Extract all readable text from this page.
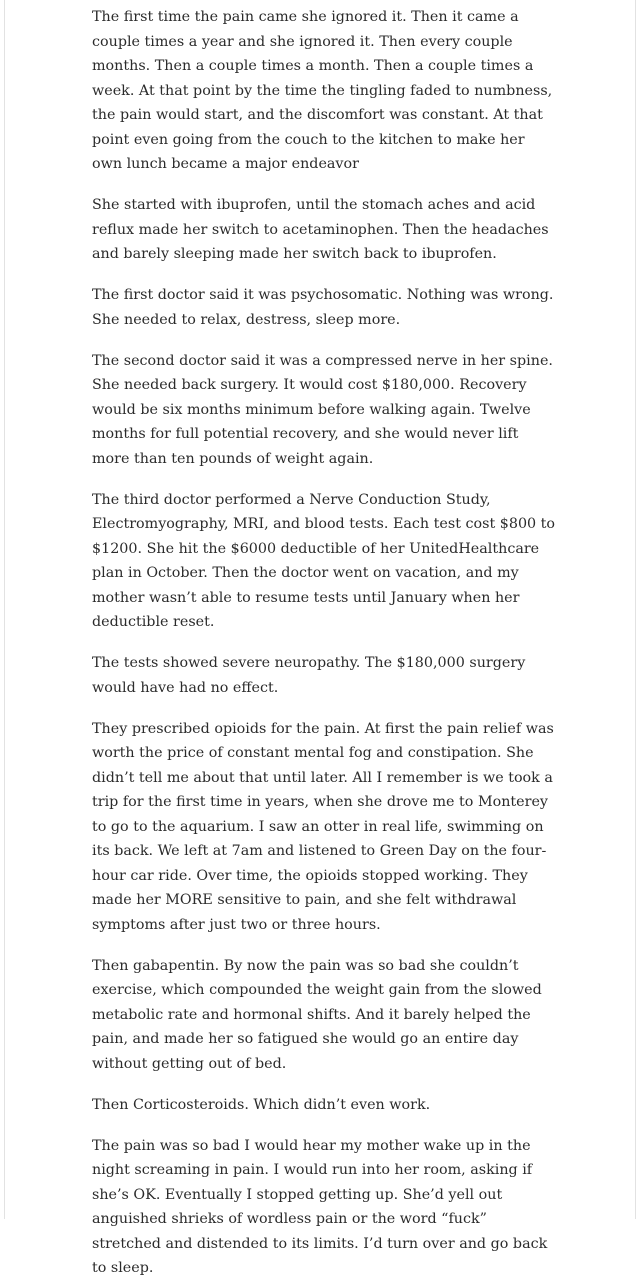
The first time the pain came she ignored it. Then it came a couple times a year and she ignored it. Then every couple months. Then a couple times a month. Then a couple times a week. At that point by the time the tingling faded to numbness, the pain would start, and the discomfort was constant. At that point even going from the couch to the kitchen to make her own lunch became a major endeavor

She started with ibuprofen, until the stomach aches and acid reflux made her switch to acetaminophen. Then the headaches and barely sleeping made her switch back to ibuprofen.

The first doctor said it was psychosomatic. Nothing was wrong. She needed to relax, destress, sleep more.

The second doctor said it was a compressed nerve in her spine. She needed back surgery. It would cost $180,000. Recovery would be six months minimum before walking again. Twelve months for full potential recovery, and she would never lift more than ten pounds of weight again.

The third doctor performed a Nerve Conduction Study, Electromyography, MRI, and blood tests. Each test cost $800 to $1200. She hit the $6000 deductible of her UnitedHealthcare plan in October. Then the doctor went on vacation, and my mother wasn’t able to resume tests until January when her deductible reset.

The tests showed severe neuropathy. The $180,000 surgery would have had no effect.

They prescribed opioids for the pain. At first the pain relief was worth the price of constant mental fog and constipation. She didn’t tell me about that until later. All I remember is we took a trip for the first time in years, when she drove me to Monterey to go to the aquarium. I saw an otter in real life, swimming on its back. We left at 7am and listened to Green Day on the four-hour car ride. Over time, the opioids stopped working. They made her MORE sensitive to pain, and she felt withdrawal symptoms after just two or three hours.

Then gabapentin. By now the pain was so bad she couldn’t exercise, which compounded the weight gain from the slowed metabolic rate and hormonal shifts. And it barely helped the pain, and made her so fatigued she would go an entire day without getting out of bed.

Then Corticosteroids. Which didn’t even work.

The pain was so bad I would hear my mother wake up in the night screaming in pain. I would run into her room, asking if she’s OK. Eventually I stopped getting up. She’d yell out anguished shrieks of wordless pain or the word “fuck” stretched and distended to its limits. I’d turn over and go back to sleep.
